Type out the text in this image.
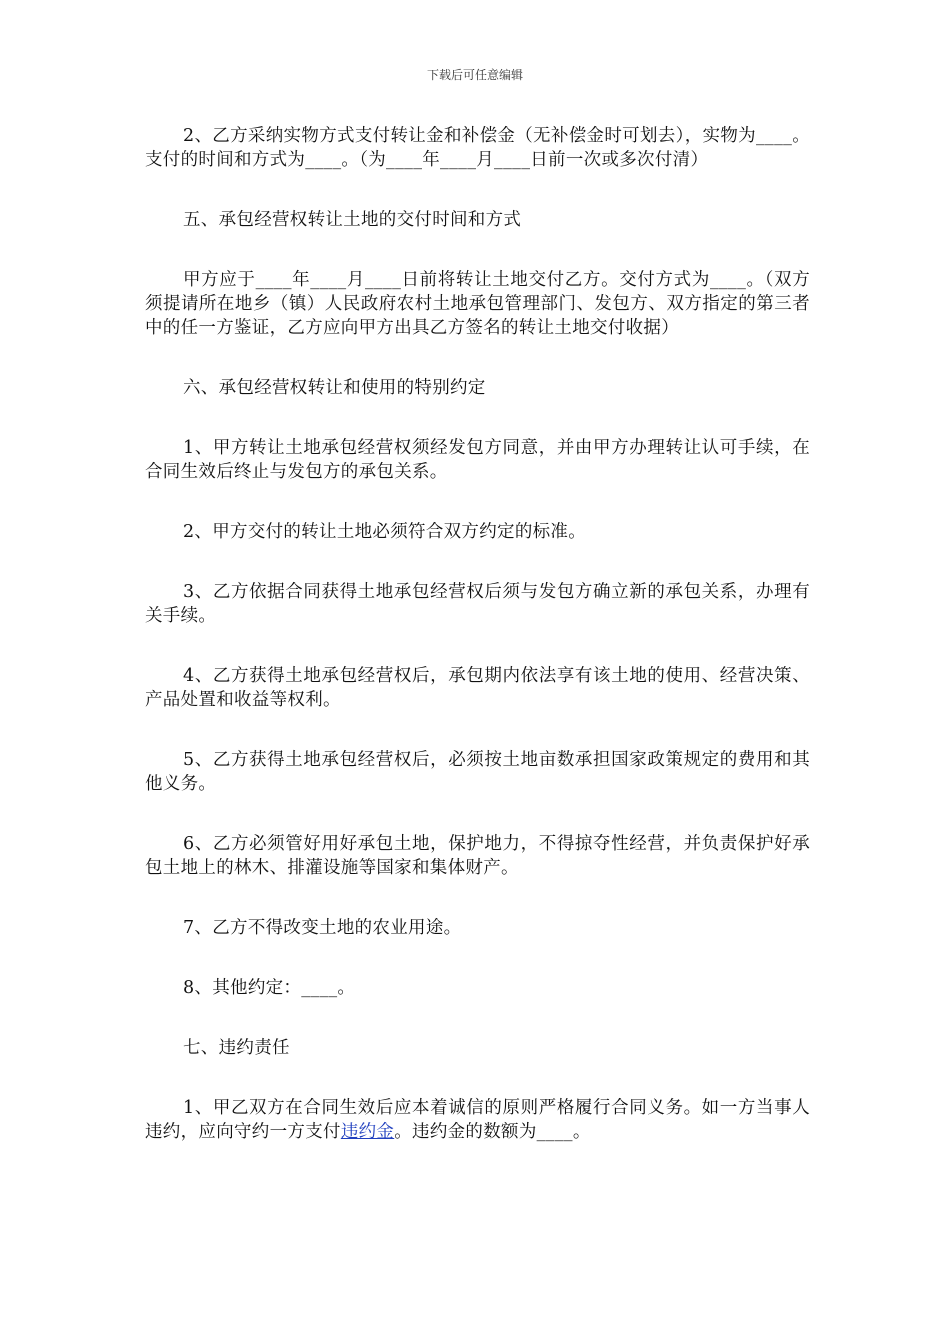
下载后可任意编辑

2、乙方采纳实物方式支付转让金和补偿金（无补偿金时可划去），实物为____。支付的时间和方式为____。（为____年____月____日前一次或多次付清）

五、承包经营权转让土地的交付时间和方式

甲方应于____年____月____日前将转让土地交付乙方。交付方式为____。（双方须提请所在地乡（镇）人民政府农村土地承包管理部门、发包方、双方指定的第三者中的任一方鉴证，乙方应向甲方出具乙方签名的转让土地交付收据）

六、承包经营权转让和使用的特别约定

1、甲方转让土地承包经营权须经发包方同意，并由甲方办理转让认可手续，在合同生效后终止与发包方的承包关系。

2、甲方交付的转让土地必须符合双方约定的标准。

3、乙方依据合同获得土地承包经营权后须与发包方确立新的承包关系，办理有关手续。

4、乙方获得土地承包经营权后，承包期内依法享有该土地的使用、经营决策、产品处置和收益等权利。

5、乙方获得土地承包经营权后，必须按土地亩数承担国家政策规定的费用和其他义务。

6、乙方必须管好用好承包土地，保护地力，不得掠夺性经营，并负责保护好承包土地上的林木、排灌设施等国家和集体财产。

7、乙方不得改变土地的农业用途。

8、其他约定：____。

七、违约责任

1、甲乙双方在合同生效后应本着诚信的原则严格履行合同义务。如一方当事人违约，应向守约一方支付违约金。违约金的数额为____。
